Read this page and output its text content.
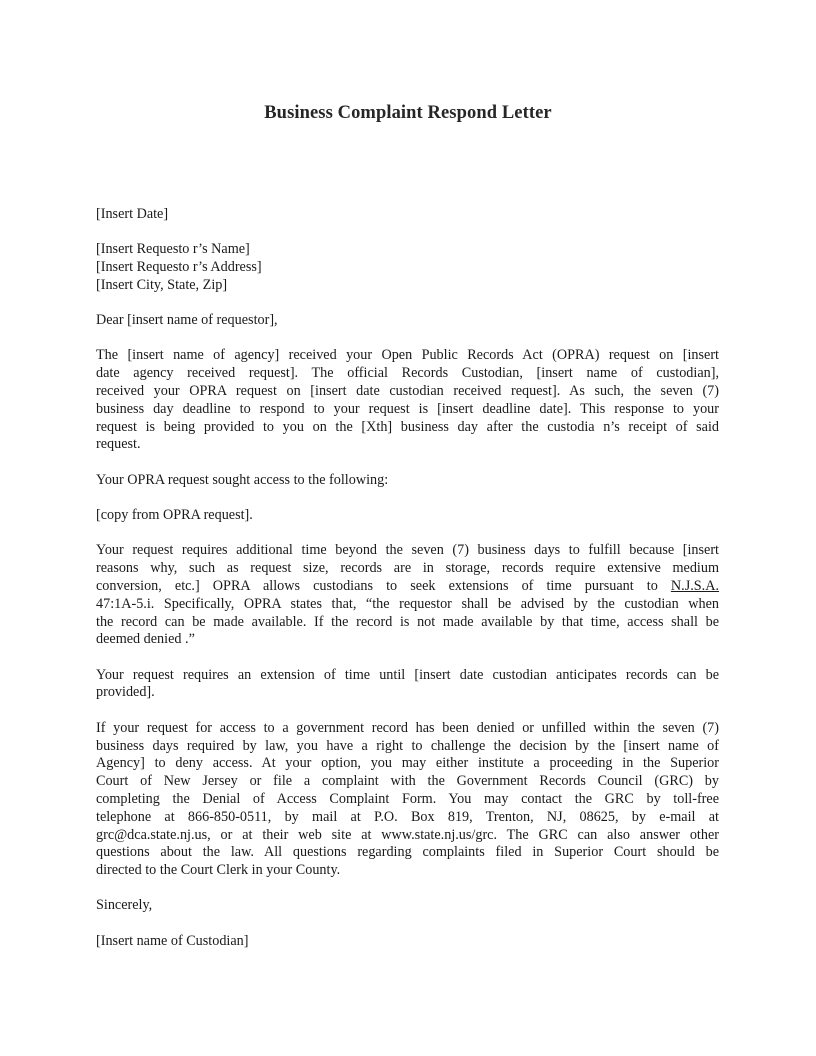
Business Complaint Respond Letter
[Insert Date]
[Insert Requesto r’s Name]
[Insert Requesto r’s Address]
[Insert City, State, Zip]
Dear [insert name of requestor],
The [insert name of agency] received your Open Public Records Act (OPRA) request on [insert
date agency received request]. The official Records Custodian, [insert name of custodian],
received your OPRA request on [insert date custodian received request]. As such, the seven (7)
business day deadline to respond to your request is [insert deadline date]. This response to your
request is being provided to you on the [Xth] business day after the custodia n’s receipt of said
request.
Your OPRA request sought access to the following:
[copy from OPRA request].
Your request requires additional time beyond the seven (7) business days to fulfill because [insert
reasons why, such as request size, records are in storage, records require extensive medium
conversion, etc.] OPRA allows custodians to seek extensions of time pursuant to N.J.S.A.
47:1A-5.i. Specifically, OPRA states that, “the requestor shall be advised by the custodian when
the record can be made available. If the record is not made available by that time, access shall be
deemed denied .”
Your request requires an extension of time until [insert date custodian anticipates records can be
provided].
If your request for access to a government record has been denied or unfilled within the seven (7)
business days required by law, you have a right to challenge the decision by the [insert name of
Agency] to deny access. At your option, you may either institute a proceeding in the Superior
Court of New Jersey or file a complaint with the Government Records Council (GRC) by
completing the Denial of Access Complaint Form. You may contact the GRC by toll-free
telephone at 866-850-0511, by mail at P.O. Box 819, Trenton, NJ, 08625, by e-mail at
grc@dca.state.nj.us, or at their web site at www.state.nj.us/grc. The GRC can also answer other
questions about the law. All questions regarding complaints filed in Superior Court should be
directed to the Court Clerk in your County.
Sincerely,
[Insert name of Custodian]
